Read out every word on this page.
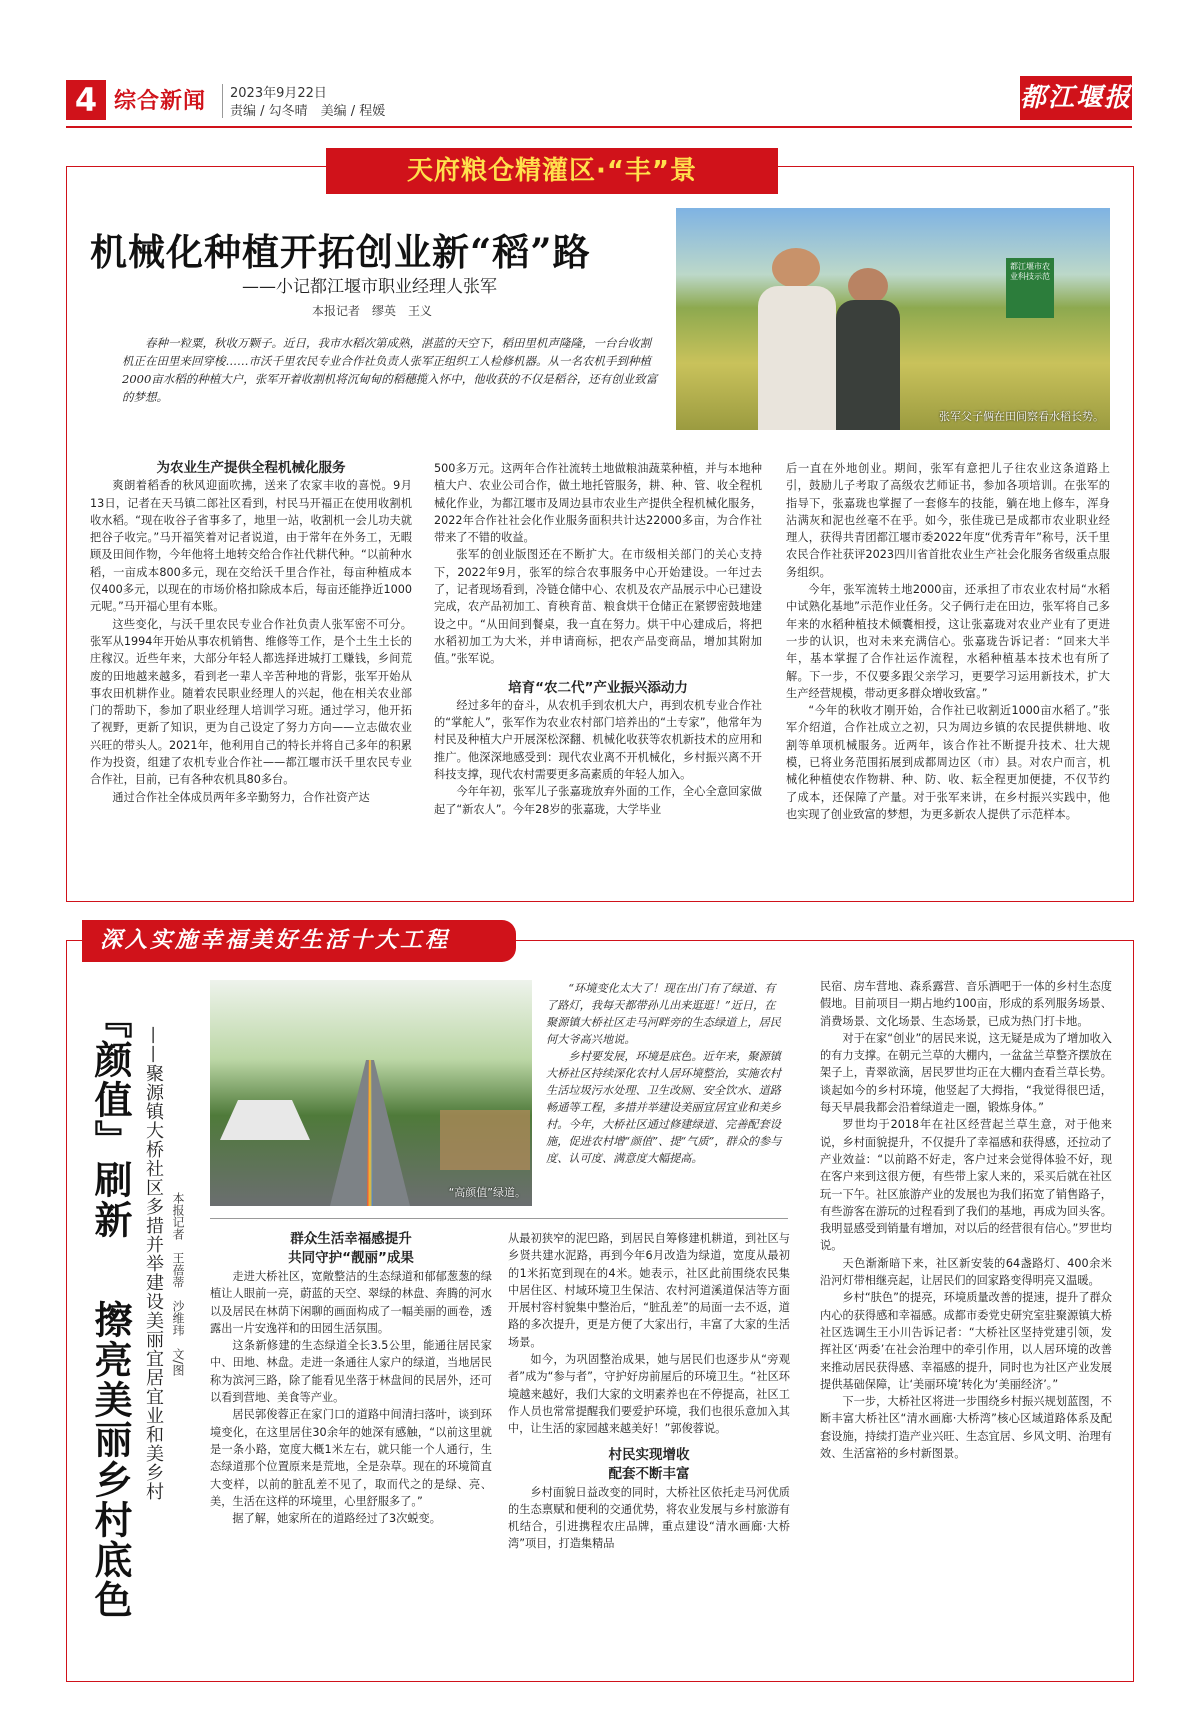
4 综合新闻 2023年9月22日
责编 / 勾冬晴　美编 / 程媛	都江堰报
天府粮仓精灌区·“丰”景
机械化种植开拓创业新“稻”路
——小记都江堰市职业经理人张军
本报记者　缪英　王义
春种一粒粟，秋收万颗子。近日，我市水稻次第成熟，湛蓝的天空下，稻田里机声隆隆，一台台收割机正在田里来回穿梭……市沃千里农民专业合作社负责人张军正组织工人检修机器。从一名农机手到种植2000亩水稻的种植大户，张军开着收割机将沉甸甸的稻穗揽入怀中，他收获的不仅是稻谷，还有创业致富的梦想。
都江堰市农业科技示范
张军父子俩在田间察看水稻长势。

为农业生产提供全程机械化服务

爽朗着稻香的秋风迎面吹拂，送来了农家丰收的喜悦。9月13日，记者在天马镇二郎社区看到，村民马开福正在使用收割机收水稻。“现在收谷子省事多了，地里一站，收割机一会儿功夫就把谷子收完。”马开福笑着对记者说道，由于常年在外务工，无暇顾及田间作物，今年他将土地转交给合作社代耕代种。“以前种水稻，一亩成本800多元，现在交给沃千里合作社，每亩种植成本仅400多元，以现在的市场价格扣除成本后，每亩还能挣近1000元呢。”马开福心里有本账。

这些变化，与沃千里农民专业合作社负责人张军密不可分。张军从1994年开始从事农机销售、维修等工作，是个土生土长的庄稼汉。近些年来，大部分年轻人都选择进城打工赚钱，乡间荒废的田地越来越多，看到老一辈人辛苦种地的背影，张军开始从事农田机耕作业。随着农民职业经理人的兴起，他在相关农业部门的帮助下，参加了职业经理人培训学习班。通过学习，他开拓了视野，更新了知识，更为自己设定了努力方向——立志做农业兴旺的带头人。2021年，他利用自己的特长并将自己多年的积累作为投资，组建了农机专业合作社——都江堰市沃千里农民专业合作社，目前，已有各种农机具80多台。

通过合作社全体成员两年多辛勤努力，合作社资产达

500多万元。这两年合作社流转土地做粮油蔬菜种植，并与本地种植大户、农业公司合作，做土地托管服务，耕、种、管、收全程机械化作业，为都江堰市及周边县市农业生产提供全程机械化服务，2022年合作社社会化作业服务面积共计达22000多亩，为合作社带来了不错的收益。

张军的创业版图还在不断扩大。在市级相关部门的关心支持下，2022年9月，张军的综合农事服务中心开始建设。一年过去了，记者现场看到，冷链仓储中心、农机及农产品展示中心已建设完成，农产品初加工、育秧育苗、粮食烘干仓储正在紧锣密鼓地建设之中。“从田间到餐桌，我一直在努力。烘干中心建成后，将把水稻初加工为大米，并申请商标，把农产品变商品，增加其附加值。”张军说。

培育“农二代”产业振兴添动力

经过多年的奋斗，从农机手到农机大户，再到农机专业合作社的“掌舵人”，张军作为农业农村部门培养出的“土专家”，他常年为村民及种植大户开展深松深翻、机械化收获等农机新技术的应用和推广。他深深地感受到：现代农业离不开机械化，乡村振兴离不开科技支撑，现代农村需要更多高素质的年轻人加入。

今年年初，张军儿子张嘉珑放弃外面的工作，全心全意回家做起了“新农人”。今年28岁的张嘉珑，大学毕业

后一直在外地创业。期间，张军有意把儿子往农业这条道路上引，鼓励儿子考取了高级农艺师证书，参加各项培训。在张军的指导下，张嘉珑也掌握了一套修车的技能，躺在地上修车，浑身沾满灰和泥也丝毫不在乎。如今，张佳珑已是成都市农业职业经理人，获得共青团都江堰市委2022年度“优秀青年”称号，沃千里农民合作社获评2023四川省首批农业生产社会化服务省级重点服务组织。

今年，张军流转土地2000亩，还承担了市农业农村局“水稻中试熟化基地”示范作业任务。父子俩行走在田边，张军将自己多年来的水稻种植技术倾囊相授，这让张嘉珑对农业产业有了更进一步的认识，也对未来充满信心。张嘉珑告诉记者：“回来大半年，基本掌握了合作社运作流程，水稻种植基本技术也有所了解。下一步，不仅要多跟父亲学习，更要学习运用新技术，扩大生产经营规模，带动更多群众增收致富。”

“今年的秋收才刚开始，合作社已收割近1000亩水稻了。”张军介绍道，合作社成立之初，只为周边乡镇的农民提供耕地、收割等单项机械服务。近两年，该合作社不断提升技术、壮大规模，已将业务范围拓展到成都周边区（市）县。对农户而言，机械化种植使农作物耕、种、防、收、耘全程更加便捷，不仅节约了成本，还保障了产量。对于张军来讲，在乡村振兴实践中，他也实现了创业致富的梦想，为更多新农人提供了示范样本。

深入实施幸福美好生活十大工程
『颜值』刷新
擦亮美丽乡村底色 ——聚源镇大桥社区多措并举建设美丽宜居宜业和美乡村 本报记者　王蓓蒂　沙维玮　文/图	“高颜值”绿道。

“环境变化太大了！现在出门有了绿道、有了路灯，我每天都带孙儿出来逛逛！”近日，在聚源镇大桥社区走马河畔旁的生态绿道上，居民何大爷高兴地说。

乡村要发展，环境是底色。近年来，聚源镇大桥社区持续深化农村人居环境整治，实施农村生活垃圾污水处理、卫生改厕、安全饮水、道路畅通等工程，多措并举建设美丽宜居宜业和美乡村。今年，大桥社区通过修建绿道、完善配套设施，促进农村增“颜值”、提“气质”，群众的参与度、认可度、满意度大幅提高。

群众生活幸福感提升
共同守护“靓丽”成果

走进大桥社区，宽敞整洁的生态绿道和郁郁葱葱的绿植让人眼前一亮，蔚蓝的天空、翠绿的林盘、奔腾的河水以及居民在林荫下闲聊的画面构成了一幅美丽的画卷，透露出一片安逸祥和的田园生活氛围。

这条新修建的生态绿道全长3.5公里，能通往居民家中、田地、林盘。走进一条通往人家户的绿道，当地居民称为滨河三路，除了能看见坐落于林盘间的民居外，还可以看到营地、美食等产业。

居民郭俊蓉正在家门口的道路中间清扫落叶，谈到环境变化，在这里居住30余年的她深有感触，“以前这里就是一条小路，宽度大概1米左右，就只能一个人通行，生态绿道那个位置原来是荒地，全是杂草。现在的环境简直大变样，以前的脏乱差不见了，取而代之的是绿、亮、美，生活在这样的环境里，心里舒服多了。”

据了解，她家所在的道路经过了3次蜕变。

从最初狭窄的泥巴路，到居民自筹修建机耕道，到社区与乡贤共建水泥路，再到今年6月改造为绿道，宽度从最初的1米拓宽到现在的4米。她表示，社区此前围绕农民集中居住区、村域环境卫生保洁、农村河道溪道保洁等方面开展村容村貌集中整治后，“脏乱差”的局面一去不返，道路的多次提升，更是方便了大家出行，丰富了大家的生活场景。

如今，为巩固整治成果，她与居民们也逐步从“旁观者”成为“参与者”，守护好房前屋后的环境卫生。“社区环境越来越好，我们大家的文明素养也在不停提高，社区工作人员也常常提醒我们要爱护环境，我们也很乐意加入其中，让生活的家园越来越美好！”郭俊蓉说。

村民实现增收
配套不断丰富

乡村面貌日益改变的同时，大桥社区依托走马河优质的生态禀赋和便利的交通优势，将农业发展与乡村旅游有机结合，引进携程农庄品牌，重点建设“清水画廊·大桥湾”项目，打造集精品

民宿、房车营地、森系露营、音乐酒吧于一体的乡村生态度假地。目前项目一期占地约100亩，形成的系列服务场景、消费场景、文化场景、生态场景，已成为热门打卡地。

对于在家“创业”的居民来说，这无疑是成为了增加收入的有力支撑。在朝元兰草的大棚内，一盆盆兰草整齐摆放在架子上，青翠欲滴，居民罗世均正在大棚内查看兰草长势。谈起如今的乡村环境，他竖起了大拇指，“我觉得很巴适，每天早晨我都会沿着绿道走一圈，锻炼身体。”

罗世均于2018年在社区经营起兰草生意，对于他来说，乡村面貌提升，不仅提升了幸福感和获得感，还拉动了产业效益：“以前路不好走，客户过来会觉得体验不好，现在客户来到这很方便，有些带上家人来的，采买后就在社区玩一下午。社区旅游产业的发展也为我们拓宽了销售路子，有些游客在游玩的过程看到了我们的基地，再成为回头客。我明显感受到销量有增加，对以后的经营很有信心。”罗世均说。

天色渐渐暗下来，社区新安装的64盏路灯、400余米沿河灯带相继亮起，让居民们的回家路变得明亮又温暖。

乡村“肤色”的提亮，环境质量改善的提速，提升了群众内心的获得感和幸福感。成都市委党史研究室驻聚源镇大桥社区选调生王小川告诉记者：“大桥社区坚持党建引领，发挥社区‘两委’在社会治理中的牵引作用，以人居环境的改善来推动居民获得感、幸福感的提升，同时也为社区产业发展提供基础保障，让‘美丽环境’转化为‘美丽经济’。”

下一步，大桥社区将进一步围绕乡村振兴规划蓝图，不断丰富大桥社区“清水画廊·大桥湾”核心区域道路体系及配套设施，持续打造产业兴旺、生态宜居、乡风文明、治理有效、生活富裕的乡村新图景。
